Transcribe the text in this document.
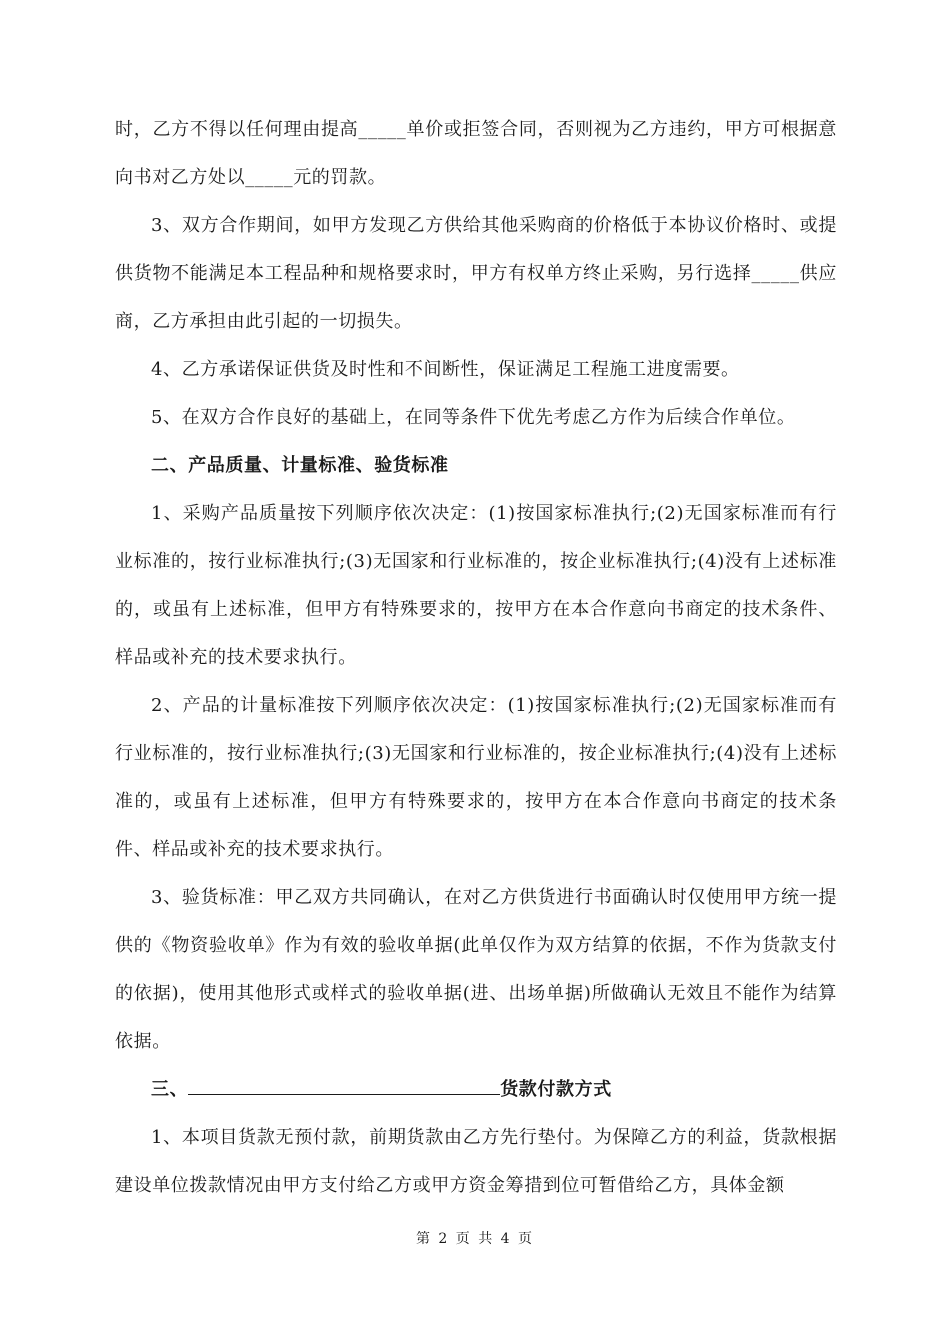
时，乙方不得以任何理由提高_____单价或拒签合同，否则视为乙方违约，甲方可根据意向书对乙方处以_____元的罚款。

3、双方合作期间，如甲方发现乙方供给其他采购商的价格低于本协议价格时、或提供货物不能满足本工程品种和规格要求时，甲方有权单方终止采购，另行选择_____供应商，乙方承担由此引起的一切损失。

4、乙方承诺保证供货及时性和不间断性，保证满足工程施工进度需要。

5、在双方合作良好的基础上，在同等条件下优先考虑乙方作为后续合作单位。

二、产品质量、计量标准、验货标准

1、采购产品质量按下列顺序依次决定：(1)按国家标准执行;(2)无国家标准而有行业标准的，按行业标准执行;(3)无国家和行业标准的，按企业标准执行;(4)没有上述标准的，或虽有上述标准，但甲方有特殊要求的，按甲方在本合作意向书商定的技术条件、样品或补充的技术要求执行。

2、产品的计量标准按下列顺序依次决定：(1)按国家标准执行;(2)无国家标准而有行业标准的，按行业标准执行;(3)无国家和行业标准的，按企业标准执行;(4)没有上述标准的，或虽有上述标准，但甲方有特殊要求的，按甲方在本合作意向书商定的技术条件、样品或补充的技术要求执行。

3、验货标准：甲乙双方共同确认，在对乙方供货进行书面确认时仅使用甲方统一提供的《物资验收单》作为有效的验收单据(此单仅作为双方结算的依据，不作为货款支付的依据)，使用其他形式或样式的验收单据(进、出场单据)所做确认无效且不能作为结算依据。

三、	货款付款方式

1、本项目货款无预付款，前期货款由乙方先行垫付。为保障乙方的利益，货款根据建设单位拨款情况由甲方支付给乙方或甲方资金筹措到位可暂借给乙方，具体金额

第 2 页 共 4 页
